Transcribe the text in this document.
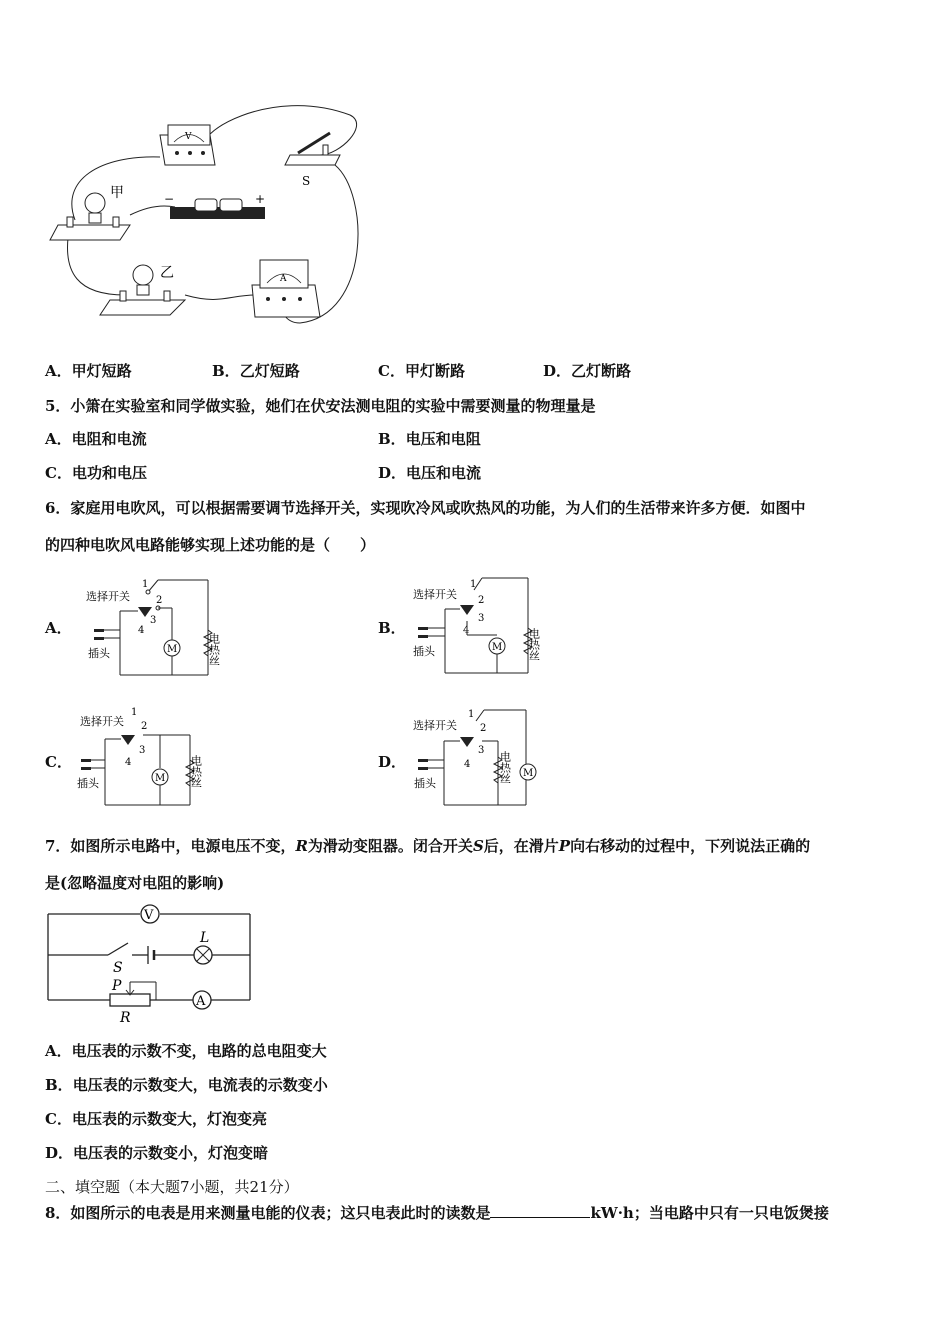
V
S
−	+
甲
乙	A
A．甲灯短路	B．乙灯短路	C．甲灯断路	D．乙灯断路
5．小箫在实验室和同学做实验，她们在伏安法测电阻的实验中需要测量的物理量是
A．电阻和电流	B．电压和电阻
C．电功和电压	D．电压和电流
6．家庭用电吹风，可以根据需要调节选择开关，实现吹冷风或吹热风的功能，为人们的生活带来许多方便．如图中
的四种电吹风电路能够实现上述功能的是（　　）
A．	B．
C．	D．
选择开关
1
2
3
4
M	电热丝
插头
选择开关
1
2
3
4
M 电热丝
插头
选择开关
1
2
3
4
M 电热丝
插头
选择开关
1
2
3
4	电热丝 M
插头
7．如图所示电路中，电源电压不变，R为滑动变阻器。闭合开关S后，在滑片P向右移动的过程中，下列说法正确的
是(忽略温度对电阻的影响)
V
S
L
A
P
R
A．电压表的示数不变，电路的总电阻变大
B．电压表的示数变大，电流表的示数变小
C．电压表的示数变大，灯泡变亮
D．电压表的示数变小，灯泡变暗
二、填空题（本大题7小题，共21分）
8．如图所示的电表是用来测量电能的仪表；这只电表此时的读数是	kW·h；当电路中只有一只电饭煲接
